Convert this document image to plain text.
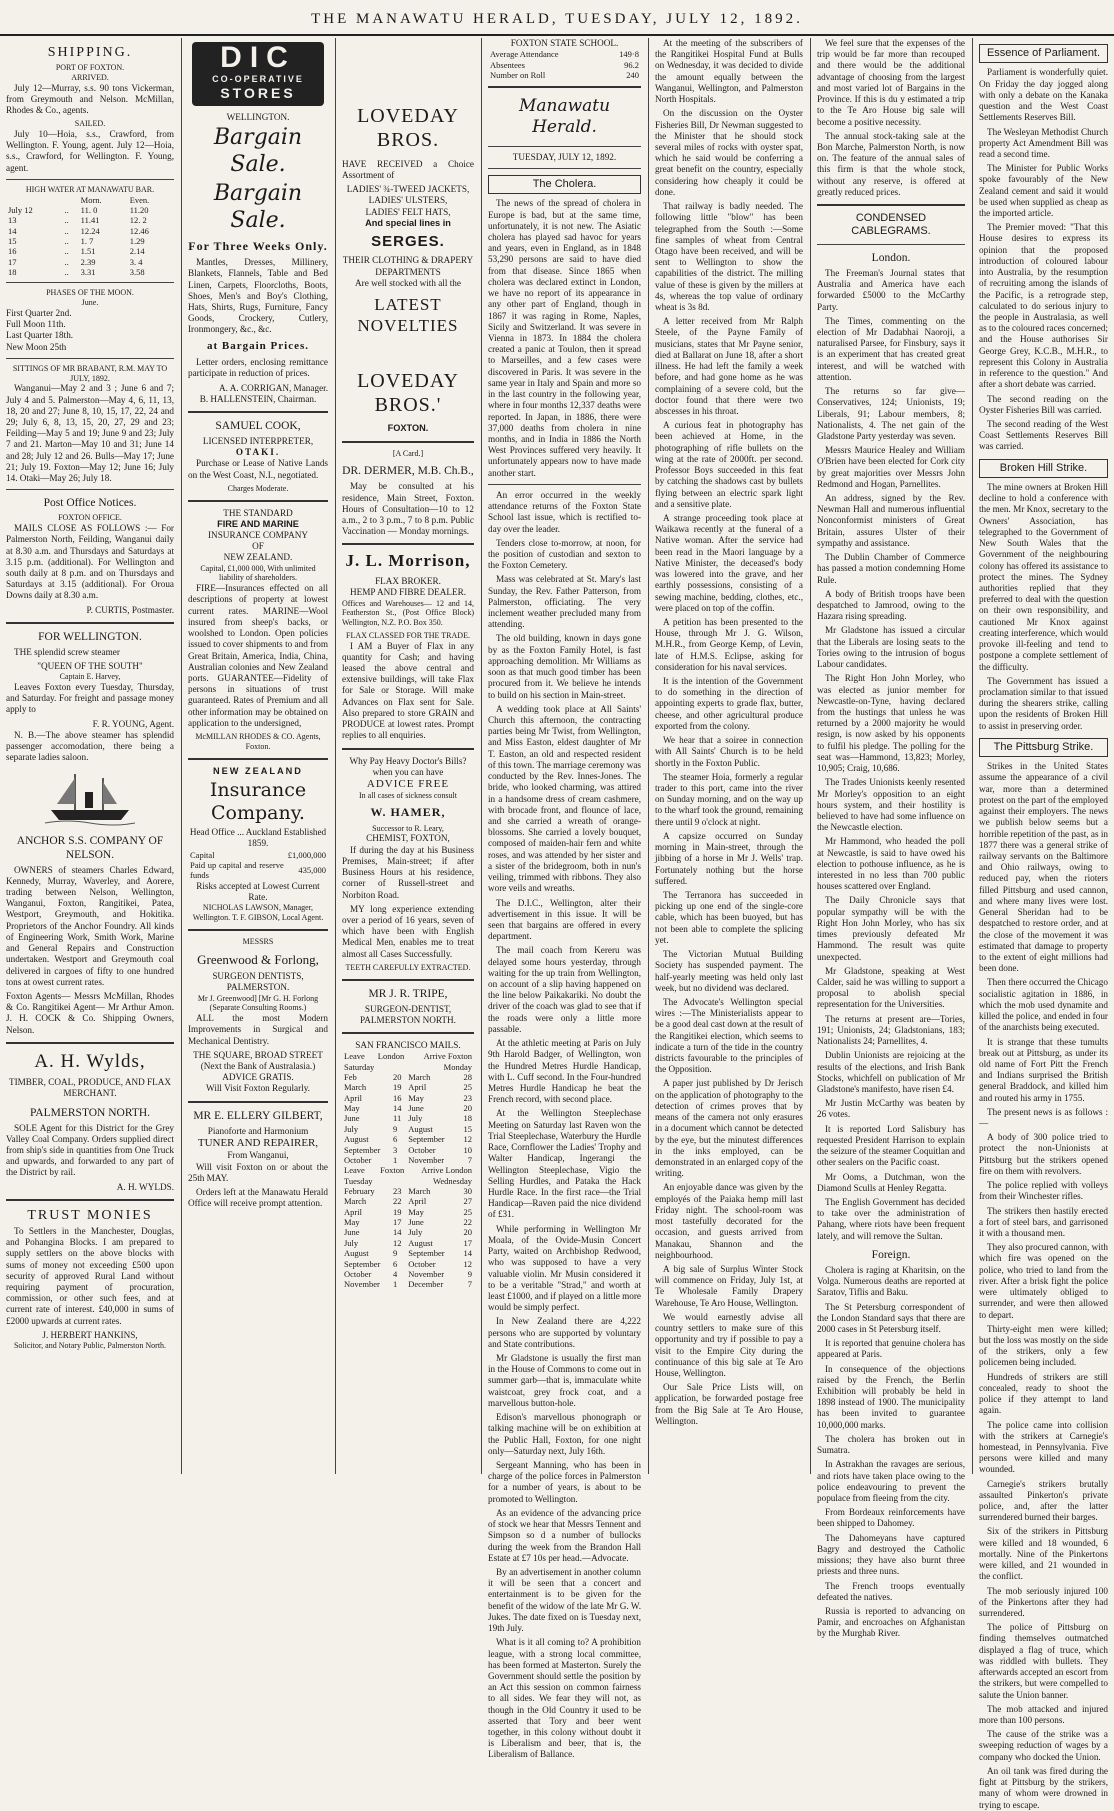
THE MANAWATU HERALD, TUESDAY, JULY 12, 1892.
SHIPPING.
PORT OF FOXTON.
ARRIVED.

July 12—Murray, s.s. 90 tons Vickerman, from Greymouth and Nelson. McMillan, Rhodes & Co., agents.

SAILED.

July 10—Hoia, s.s., Crawford, from Wellington. F. Young, agent. July 12—Hoia, s.s., Crawford, for Wellington. F. Young, agent.

HIGH WATER AT MANAWATU BAR.
		Morn.	Even.
July 12	..	11. 0	11.20
13	..	11.41	12. 2
14	..	12.24	12.46
15	..	1. 7	1.29
16	..	1.51	2.14
17	..	2.39	3. 4
18	..	3.31	3.58
PHASES OF THE MOON.
June.
First Quarter 2nd.
Full Moon 11th.
Last Quarter 18th.
New Moon 25th
SITTINGS OF MR BRABANT, R.M. MAY TO JULY, 1892.

Wanganui—May 2 and 3 ; June 6 and 7; July 4 and 5. Palmerston—May 4, 6, 11, 13, 18, 20 and 27; June 8, 10, 15, 17, 22, 24 and 29; July 6, 8, 13, 15, 20, 27, 29 and 23; Feilding—May 5 and 19; June 9 and 23; July 7 and 21. Marton—May 10 and 31; June 14 and 28; July 12 and 26. Bulls—May 17; June 21; July 19. Foxton—May 12; June 16; July 14. Otaki—May 26; July 18.

Post Office Notices.
FOXTON OFFICE.

MAILS CLOSE AS FOLLOWS :— For Palmerston North, Feilding, Wanganui daily at 8.30 a.m. and Thursdays and Saturdays at 3.15 p.m. (additional). For Wellington and south daily at 8 p.m. and on Thursdays and Saturdays at 3.15 (additional). For Oroua Downs daily at 8.30 a.m.

P. CURTIS, Postmaster.
FOR WELLINGTON.

THE splendid screw steamer

"QUEEN OF THE SOUTH"
Captain E. Harvey,

Leaves Foxton every Tuesday, Thursday, and Saturday. For freight and passage money apply to

F. R. YOUNG, Agent.

N. B.—The above steamer has splendid passenger accomodation, there being a separate ladies saloon.

ANCHOR S.S. COMPANY OF NELSON.

OWNERS of steamers Charles Edward, Kennedy, Murray, Waverley, and Aorere, trading between Nelson, Wellington, Wanganui, Foxton, Rangitikei, Patea, Westport, Greymouth, and Hokitika. Proprietors of the Anchor Foundry. All kinds of Engineering Work, Smith Work, Marine and General Repairs and Construction undertaken. Westport and Greymouth coal delivered in cargoes of fifty to one hundred tons at owest current rates.

Foxton Agents— Messrs McMillan, Rhodes & Co. Rangitikei Agent— Mr Arthur Amon. J. H. COCK & Co. Shipping Owners, Nelson.

A. H. Wylds,
TIMBER, COAL, PRODUCE, AND FLAX MERCHANT.
PALMERSTON NORTH.

SOLE Agent for this District for the Grey Valley Coal Company. Orders supplied direct from ship's side in quantities from One Truck and upwards, and forwarded to any part of the District by rail.

A. H. WYLDS.
TRUST MONIES

To Settlers in the Manchester, Douglas, and Pohangina Blocks. I am prepared to supply settlers on the above blocks with sums of money not exceeding £500 upon security of approved Rural Land without requiring payment of procuration, commission, or other such fees, and at current rate of interest. £40,000 in sums of £2000 upwards at current rates.

J. HERBERT HANKINS,
Solicitor, and Notary Public, Palmerston North.
DIC
CO-OPERATIVE
STORES
WELLINGTON.
Bargain Sale.
Bargain Sale.
For Three Weeks Only.

Mantles, Dresses, Millinery, Blankets, Flannels, Table and Bed Linen, Carpets, Floorcloths, Boots, Shoes, Men's and Boy's Clothing, Hats, Shirts, Rugs, Furniture, Fancy Goods, Crockery, Cutlery, Ironmongery, &c., &c.

at Bargain Prices.

Letter orders, enclosing remittance participate in reduction of prices.

A. A. CORRIGAN, Manager.
B. HALLENSTEIN, Chairman.
SAMUEL COOK,
LICENSED INTERPRETER,
OTAKI.

Purchase or Lease of Native Lands on the West Coast, N.I., negotiated.

Charges Moderate.
THE STANDARD
FIRE AND MARINE
INSURANCE COMPANY
OF
NEW ZEALAND.
Capital, £1,000 000, With unlimited liability of shareholders.

FIRE—Insurances effected on all descriptions of property at lowest current rates. MARINE—Wool insured from sheep's backs, or woolshed to London. Open policies issued to cover shipments to and from Great Britain, America, India, China, Australian colonies and New Zealand ports. GUARANTEE—Fidelity of persons in situations of trust guaranteed. Rates of Premium and all other information may be obtained on application to the undersigned,

McMILLAN RHODES & CO. Agents, Foxton.
NEW ZEALAND
Insurance Company.
Head Office ... Auckland Established 1859.
Capital	£1,000,000
Paid up capital and reserve funds	435,000
Risks accepted at Lowest Current Rate.
NICHOLAS LAWSON, Manager, Wellington. T. F. GIBSON, Local Agent.
MESSRS
Greenwood & Forlong,
SURGEON DENTISTS, PALMERSTON.
Mr J. Greenwood] [Mr G. H. Forlong (Separate Consulting Rooms.)

ALL the most Modern Improvements in Surgical and Mechanical Dentistry.

THE SQUARE, BROAD STREET (Next the Bank of Australasia.)
ADVICE GRATIS.
Will Visit Foxton Regularly.
MR E. ELLERY GILBERT,
Pianoforte and Harmonium
TUNER AND REPAIRER,
From Wanganui,

Will visit Foxton on or about the 25th MAY.

Orders left at the Manawatu Herald Office will receive prompt attention.

LOVEDAY BROS.

HAVE RECEIVED a Choice Assortment of

LADIES' ¾-TWEED JACKETS,
LADIES' ULSTERS,
LADIES' FELT HATS,
And special lines in
SERGES.
THEIR CLOTHING & DRAPERY DEPARTMENTS
Are well stocked with all the
LATEST NOVELTIES
LOVEDAY BROS.'
FOXTON.
[A Card.]
DR. DERMER, M.B. Ch.B.,

May be consulted at his residence, Main Street, Foxton. Hours of Consultation—10 to 12 a.m., 2 to 3 p.m., 7 to 8 p.m. Public Vaccination — Monday mornings.

J. L. Morrison,
FLAX BROKER.
HEMP AND FIBRE DEALER.

Offices and Warehouses— 12 and 14, Featherston St., (Post Office Block) Wellington, N.Z. P.O. Box 350.

FLAX CLASSED FOR THE TRADE.

I AM a Buyer of Flax in any quantity for Cash; and having leased the above central and extensive buildings, will take Flax for Sale or Storage. Will make Advances on Flax sent for Sale. Also prepared to store GRAIN and PRODUCE at lowest rates. Prompt replies to all enquiries.

Why Pay Heavy Doctor's Bills? when you can have
ADVICE FREE
In all cases of sickness consult
W. HAMER,
Successor to R. Leary,
CHEMIST, FOXTON,

If during the day at his Business Premises, Main-street; if after Business Hours at his residence, corner of Russell-street and Norbiton Road.

MY long experience extending over a period of 16 years, seven of which have been with English Medical Men, enables me to treat almost all Cases Successfully.

TEETH CAREFULLY EXTRACTED.
MR J. R. TRIPE,
SURGEON-DENTIST,
PALMERSTON NORTH.
SAN FRANCISCO MAILS.
Leave London Saturday		Arrive Foxton Monday	
Feb	20	March	28
March	19	April	25
April	16	May	23
May	14	June	20
June	11	July	18
July	9	August	15
August	6	September	12
September	3	October	10
October	1	November	7
Leave Foxton Tuesday		Arrive London Wednesday	
February	23	March	30
March	22	April	27
April	19	May	25
May	17	June	22
June	14	July	20
July	12	August	17
August	9	September	14
September	6	October	12
October	4	November	9
November	1	December	7
FOXTON STATE SCHOOL.
Average Attendance	149·8
Absentees	96.2
Number on Roll	240
Manawatu Herald.
TUESDAY, JULY 12, 1892.
The Cholera.

The news of the spread of cholera in Europe is bad, but at the same time, unfortunately, it is not new. The Asiatic cholera has played sad havoc for years and years, even in England, as in 1848 53,290 persons are said to have died from that disease. Since 1865 when cholera was declared extinct in London, we have no report of its appearance in any other part of England, though in 1867 it was raging in Rome, Naples, Sicily and Switzerland. It was severe in Vienna in 1873. In 1884 the cholera created a panic at Toulon, then it spread to Marseilles, and a few cases were discovered in Paris. It was severe in the same year in Italy and Spain and more so in the last country in the following year, where in four months 12,337 deaths were reported. In Japan, in 1886, there were 37,000 deaths from cholera in nine months, and in India in 1886 the North West Provinces suffered very heavily. It unfortunately appears now to have made another start.

An error occurred in the weekly attendance returns of the Foxton State School last issue, which is rectified to-day over the leader.

Tenders close to-morrow, at noon, for the position of custodian and sexton to the Foxton Cemetery.

Mass was celebrated at St. Mary's last Sunday, the Rev. Father Patterson, from Palmerston, officiating. The very inclement weather precluded many from attending.

The old building, known in days gone by as the Foxton Family Hotel, is fast approaching demolition. Mr Williams as soon as that much good timber has been procured from it. We believe he intends to build on his section in Main-street.

A wedding took place at All Saints' Church this afternoon, the contracting parties being Mr Twist, from Wellington, and Miss Easton, eldest daughter of Mr T. Easton, an old and respected resident of this town. The marriage ceremony was conducted by the Rev. Innes-Jones. The bride, who looked charming, was attired in a handsome dress of cream cashmere, with brocade front, and flounce of lace, and she carried a wreath of orange-blossoms. She carried a lovely bouquet, composed of maiden-hair fern and white roses, and was attended by her sister and a sister of the bridegroom, both in nun's veiling, trimmed with ribbons. They also wore veils and wreaths.

The D.I.C., Wellington, alter their advertisement in this issue. It will be seen that bargains are offered in every department.

The mail coach from Kereru was delayed some hours yesterday, through waiting for the up train from Wellington, on account of a slip having happened on the line below Paikakariki. No doubt the driver of the coach was glad to see that if the roads were only a little more passable.

At the athletic meeting at Paris on July 9th Harold Badger, of Wellington, won the Hundred Metres Hurdle Handicap, with L. Cuff second. In the Four-hundred Metres Hurdle Handicap he beat the French record, with second place.

At the Wellington Steeplechase Meeting on Saturday last Raven won the Trial Steeplechase, Waterbury the Hurdle Race, Cornflower the Ladies' Trophy and Walter Handicap, Ingerangi the Wellington Steeplechase, Vigio the Selling Hurdles, and Pataka the Hack Hurdle Race. In the first race—the Trial Handicap—Raven paid the nice dividend of £31.

While performing in Wellington Mr Moala, of the Ovide-Musin Concert Party, waited on Archbishop Redwood, who was supposed to have a very valuable violin. Mr Musin considered it to be a veritable "Strad," and worth at least £1000, and if played on a little more would be simply perfect.

In New Zealand there are 4,222 persons who are supported by voluntary and State contributions.

Mr Gladstone is usually the first man in the House of Commons to come out in summer garb—that is, immaculate white waistcoat, grey frock coat, and a marvellous button-hole.

Edison's marvellous phonograph or talking machine will be on exhibition at the Public Hall, Foxton, for one night only—Saturday next, July 16th.

Sergeant Manning, who has been in charge of the police forces in Palmerston for a number of years, is about to be promoted to Wellington.

As an evidence of the advancing price of stock we hear that Messrs Tennent and Simpson so d a number of bullocks during the week from the Brandon Hall Estate at £7 10s per head.—Advocate.

By an advertisement in another column it will be seen that a concert and entertainment is to be given for the benefit of the widow of the late Mr G. W. Jukes. The date fixed on is Tuesday next, 19th July.

What is it all coming to? A prohibition league, with a strong local committee, has been formed at Masterton. Surely the Government should settle the position by an Act this session on common fairness to all sides. We fear they will not, as though in the Old Country it used to be asserted that Tory and beer went together, in this colony without doubt it is Liberalism and beer, that is, the Liberalism of Ballance.

At the meeting of the subscribers of the Rangitikei Hospital Fund at Bulls on Wednesday, it was decided to divide the amount equally between the Wanganui, Wellington, and Palmerston North Hospitals.

On the discussion on the Oyster Fisheries Bill, Dr Newman suggested to the Minister that he should stock several miles of rocks with oyster spat, which he said would be conferring a great benefit on the country, especially considering how cheaply it could be done.

That railway is badly needed. The following little "blow" has been telegraphed from the South :—Some fine samples of wheat from Central Otago have been received, and will be sent to Wellington to show the capabilities of the district. The milling value of these is given by the millers at 4s, whereas the top value of ordinary wheat is 3s 8d.

A letter received from Mr Ralph Steele, of the Payne Family of musicians, states that Mr Payne senior, died at Ballarat on June 18, after a short illness. He had left the family a week before, and had gone home as he was complaining of a severe cold, but the doctor found that there were two abscesses in his throat.

A curious feat in photography has been achieved at Home, in the photographing of rifle bullets on the wing at the rate of 2000ft. per second. Professor Boys succeeded in this feat by catching the shadows cast by bullets flying between an electric spark light and a sensitive plate.

A strange proceeding took place at Waikawa recently at the funeral of a Native woman. After the service had been read in the Maori language by a Native Minister, the deceased's body was lowered into the grave, and her earthly possessions, consisting of a sewing machine, bedding, clothes, etc., were placed on top of the coffin.

A petition has been presented to the House, through Mr J. G. Wilson, M.H.R., from George Kemp, of Levin, late of H.M.S. Eclipse, asking for consideration for his naval services.

It is the intention of the Government to do something in the direction of appointing experts to grade flax, butter, cheese, and other agricultural produce exported from the colony.

We hear that a soiree in connection with All Saints' Church is to be held shortly in the Foxton Public.

The steamer Hoia, formerly a regular trader to this port, came into the river on Sunday morning, and on the way up to the wharf took the ground, remaining there until 9 o'clock at night.

A capsize occurred on Sunday morning in Main-street, through the jibbing of a horse in Mr J. Wells' trap. Fortunately nothing but the horse suffered.

The Terranora has succeeded in picking up one end of the single-core cable, which has been buoyed, but has not been able to complete the splicing yet.

The Victorian Mutual Building Society has suspended payment. The half-yearly meeting was held only last week, but no dividend was declared.

The Advocate's Wellington special wires :—The Ministerialists appear to be a good deal cast down at the result of the Rangitikei election, which seems to indicate a turn of the tide in the country districts favourable to the principles of the Opposition.

A paper just published by Dr Jerisch on the application of photography to the detection of crimes proves that by means of the camera not only erasures in a document which cannot be detected by the eye, but the minutest differences in the inks employed, can be demonstrated in an enlarged copy of the writing.

An enjoyable dance was given by the employés of the Paiaka hemp mill last Friday night. The school-room was most tastefully decorated for the occasion, and guests arrived from Manakau, Shannon and the neighbourhood.

A big sale of Surplus Winter Stock will commence on Friday, July 1st, at Te Wholesale Family Drapery Warehouse, Te Aro House, Wellington.

We would earnestly advise all country settlers to make sure of this opportunity and try if possible to pay a visit to the Empire City during the continuance of this big sale at Te Aro House, Wellington.

Our Sale Price Lists will, on application, be forwarded postage free from the Big Sale at Te Aro House, Wellington.

We feel sure that the expenses of the trip would be far more than recouped and there would be the additional advantage of choosing from the largest and most varied lot of Bargains in the Province. If this is du y estimated a trip to the Te Aro House big sale will become a positive necessity.

The annual stock-taking sale at the Bon Marche, Palmerston North, is now on. The feature of the annual sales of this firm is that the whole stock, without any reserve, is offered at greatly reduced prices.

CONDENSED CABLEGRAMS.
London.

The Freeman's Journal states that Australia and America have each forwarded £5000 to the McCarthy Party.

The Times, commenting on the election of Mr Dadabhai Naoroji, a naturalised Parsee, for Finsbury, says it is an experiment that has created great interest, and will be watched with attention.

The returns so far give—Conservatives, 124; Unionists, 19; Liberals, 91; Labour members, 8; Nationalists, 4. The net gain of the Gladstone Party yesterday was seven.

Messrs Maurice Healey and William O'Brien have been elected for Cork city by great majorities over Messrs John Redmond and Hogan, Parnellites.

An address, signed by the Rev. Newman Hall and numerous influential Nonconformist ministers of Great Britain, assures Ulster of their sympathy and assistance.

The Dublin Chamber of Commerce has passed a motion condemning Home Rule.

A body of British troops have been despatched to Jamrood, owing to the Hazara rising spreading.

Mr Gladstone has issued a circular that the Liberals are losing seats to the Tories owing to the intrusion of bogus Labour candidates.

The Right Hon John Morley, who was elected as junior member for Newcastle-on-Tyne, having declared from the hustings that unless he was returned by a 2000 majority he would resign, is now asked by his opponents to fulfil his pledge. The polling for the seat was—Hammond, 13,823; Morley, 10,905; Craig, 10,686.

The Trades Unionists keenly resented Mr Morley's opposition to an eight hours system, and their hostility is believed to have had some influence on the Newcastle election.

Mr Hammond, who headed the poll at Newcastle, is said to have owed his election to pothouse influence, as he is interested in no less than 700 public houses scattered over England.

The Daily Chronicle says that popular sympathy will be with the Right Hon John Morley, who has six times previously defeated Mr Hammond. The result was quite unexpected.

Mr Gladstone, speaking at West Calder, said he was willing to support a proposal to abolish special representation for the Universities.

The returns at present are—Tories, 191; Unionists, 24; Gladstonians, 183; Nationalists 24; Parnellites, 4.

Dublin Unionists are rejoicing at the results of the elections, and Irish Bank Stocks, whichfell on publication of Mr Gladstone's manifesto, have risen £4.

Mr Justin McCarthy was beaten by 26 votes.

It is reported Lord Salisbury has requested President Harrison to explain the seizure of the steamer Coquitlan and other sealers on the Pacific coast.

Mr Ooms, a Dutchman, won the Diamond Sculls at Henley Regatta.

The English Government has decided to take over the administration of Pahang, where riots have been frequent lately, and will remove the Sultan.

Foreign.

Cholera is raging at Kharitsin, on the Volga. Numerous deaths are reported at Saratov, Tiflis and Baku.

The St Petersburg correspondent of the London Standard says that there are 2000 cases in St Petersburg itself.

It is reported that genuine cholera has appeared at Paris.

In consequence of the objections raised by the French, the Berlin Exhibition will probably be held in 1898 instead of 1900. The municipality has been invited to guarantee 10,000,000 marks.

The cholera has broken out in Sumatra.

In Astrakhan the ravages are serious, and riots have taken place owing to the police endeavouring to prevent the populace from fleeing from the city.

From Bordeaux reinforcements have been shipped to Dahomey.

The Dahomeyans have captured Bagry and destroyed the Catholic missions; they have also burnt three priests and three nuns.

The French troops eventually defeated the natives.

Russia is reported to advancing on Pamir, and encroaches on Afghanistan by the Murghab River.

Essence of Parliament.

Parliament is wonderfully quiet. On Friday the day jogged along with only a debate on the Kanaka question and the West Coast Settlements Reserves Bill.

The Wesleyan Methodist Church property Act Amendment Bill was read a second time.

The Minister for Public Works spoke favourably of the New Zealand cement and said it would be used when supplied as cheap as the imported article.

The Premier moved: "That this House desires to express its opinion that the proposed introduction of coloured labour into Australia, by the resumption of recruiting among the islands of the Pacific, is a retrograde step, calculated to do serious injury to the people in Australasia, as well as to the coloured races concerned; and the House authorises Sir George Grey, K.C.B., M.H.R., to represent this Colony in Australia in reference to the question." And after a short debate was carried.

The second reading on the Oyster Fisheries Bill was carried.

The second reading of the West Coast Settlements Reserves Bill was carried.

Broken Hill Strike.

The mine owners at Broken Hill decline to hold a conference with the men. Mr Knox, secretary to the Owners' Association, has telegraphed to the Government of New South Wales that the Government of the neighbouring colony has offered its assistance to protect the mines. The Sydney authorities replied that they preferred to deal with the question on their own responsibility, and cautioned Mr Knox against creating interference, which would provoke ill-feeling and tend to postpone a complete settlement of the difficulty.

The Government has issued a proclamation similar to that issued during the shearers strike, calling upon the residents of Broken Hill to assist in preserving order.

The Pittsburg Strike.

Strikes in the United States assume the appearance of a civil war, more than a determined protest on the part of the employed against their employers. The news we publish below seems but a horrible repetition of the past, as in 1877 there was a general strike of railway servants on the Baltimore and Ohio railways, owing to reduced pay, when the rioters filled Pittsburg and used cannon, and where many lives were lost. General Sheridan had to be despatched to restore order, and at the close of the movement it was estimated that damage to property to the extent of eight millions had been done.

Then there occurred the Chicago socialistic agitation in 1886, in which the mob used dynamite and killed the police, and ended in four of the anarchists being executed.

It is strange that these tumults break out at Pittsburg, as under its old name of Fort Pitt the French and Indians surprised the British general Braddock, and killed him and routed his army in 1755.

The present news is as follows :—

A body of 300 police tried to protect the non-Unionists at Pittsburg but the strikers opened fire on them with revolvers.

The police replied with volleys from their Winchester rifles.

The strikers then hastily erected a fort of steel bars, and garrisoned it with a thousand men.

They also procured cannon, with which fire was opened on the police, who tried to land from the river. After a brisk fight the police were ultimately obliged to surrender, and were then allowed to depart.

Thirty-eight men were killed; but the loss was mostly on the side of the strikers, only a few policemen being included.

Hundreds of strikers are still concealed, ready to shoot the police if they attempt to land again.

The police came into collision with the strikers at Carnegie's homestead, in Pennsylvania. Five persons were killed and many wounded.

Carnegie's strikers brutally assaulted Pinkerton's private police, and, after the latter surrendered burned their barges.

Six of the strikers in Pittsburg were killed and 18 wounded, 6 mortally. Nine of the Pinkertons were killed, and 21 wounded in the conflict.

The mob seriously injured 100 of the Pinkertons after they had surrendered.

The police of Pittsburg on finding themselves outmatched displayed a flag of truce, which was riddled with bullets. They afterwards accepted an escort from the strikers, but were compelled to salute the Union banner.

The mob attacked and injured more than 100 persons.

The cause of the strike was a sweeping reduction of wages by a company who docked the Union.

An oil tank was fired during the fight at Pittsburg by the strikers, many of whom were drowned in trying to escape.
